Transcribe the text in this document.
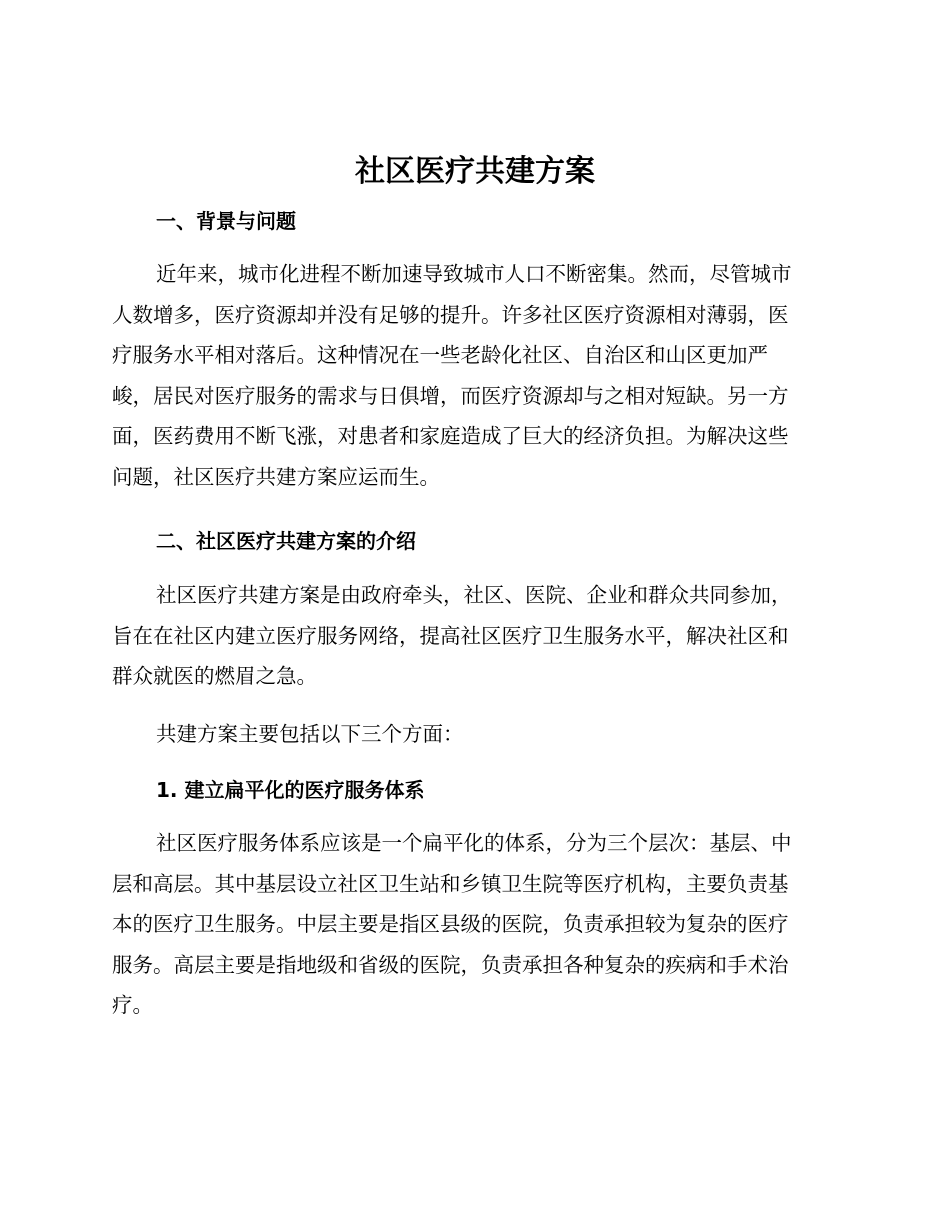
社区医疗共建方案
一、背景与问题
近年来，城市化进程不断加速导致城市人口不断密集。然而，尽管城市
人数增多，医疗资源却并没有足够的提升。许多社区医疗资源相对薄弱，医
疗服务水平相对落后。这种情况在一些老龄化社区、自治区和山区更加严
峻，居民对医疗服务的需求与日俱增，而医疗资源却与之相对短缺。另一方
面，医药费用不断飞涨，对患者和家庭造成了巨大的经济负担。为解决这些
问题，社区医疗共建方案应运而生。
二、社区医疗共建方案的介绍
社区医疗共建方案是由政府牵头，社区、医院、企业和群众共同参加，
旨在在社区内建立医疗服务网络，提高社区医疗卫生服务水平，解决社区和
群众就医的燃眉之急。
共建方案主要包括以下三个方面：
1. 建立扁平化的医疗服务体系
社区医疗服务体系应该是一个扁平化的体系，分为三个层次：基层、中
层和高层。其中基层设立社区卫生站和乡镇卫生院等医疗机构，主要负责基
本的医疗卫生服务。中层主要是指区县级的医院，负责承担较为复杂的医疗
服务。高层主要是指地级和省级的医院，负责承担各种复杂的疾病和手术治
疗。
